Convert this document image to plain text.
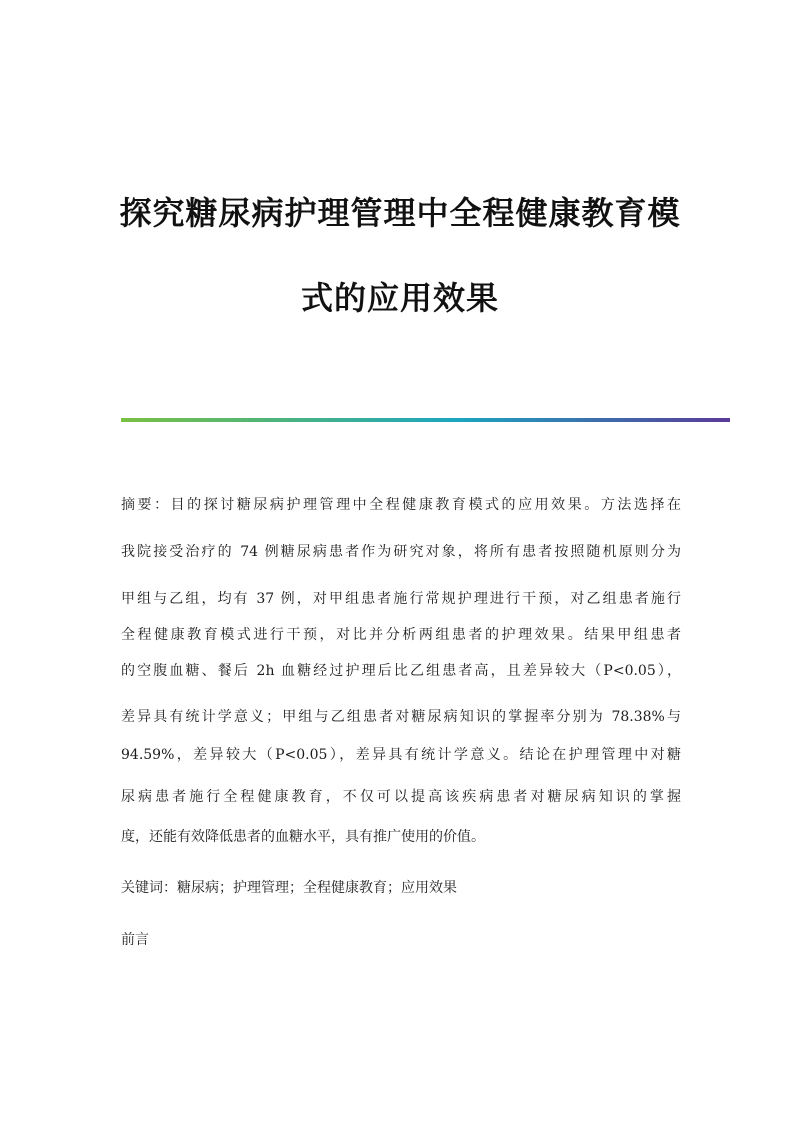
探究糖尿病护理管理中全程健康教育模
式的应用效果
摘要：目的探讨糖尿病护理管理中全程健康教育模式的应用效果。方法选择在
我院接受治疗的 74 例糖尿病患者作为研究对象，将所有患者按照随机原则分为
甲组与乙组，均有 37 例，对甲组患者施行常规护理进行干预，对乙组患者施行
全程健康教育模式进行干预，对比并分析两组患者的护理效果。结果甲组患者
的空腹血糖、餐后 2h 血糖经过护理后比乙组患者高，且差异较大（P<0.05），
差异具有统计学意义；甲组与乙组患者对糖尿病知识的掌握率分别为 78.38%与
94.59%，差异较大（P<0.05），差异具有统计学意义。结论在护理管理中对糖
尿病患者施行全程健康教育，不仅可以提高该疾病患者对糖尿病知识的掌握
度，还能有效降低患者的血糖水平，具有推广使用的价值。
关键词：糖尿病；护理管理；全程健康教育；应用效果
前言
